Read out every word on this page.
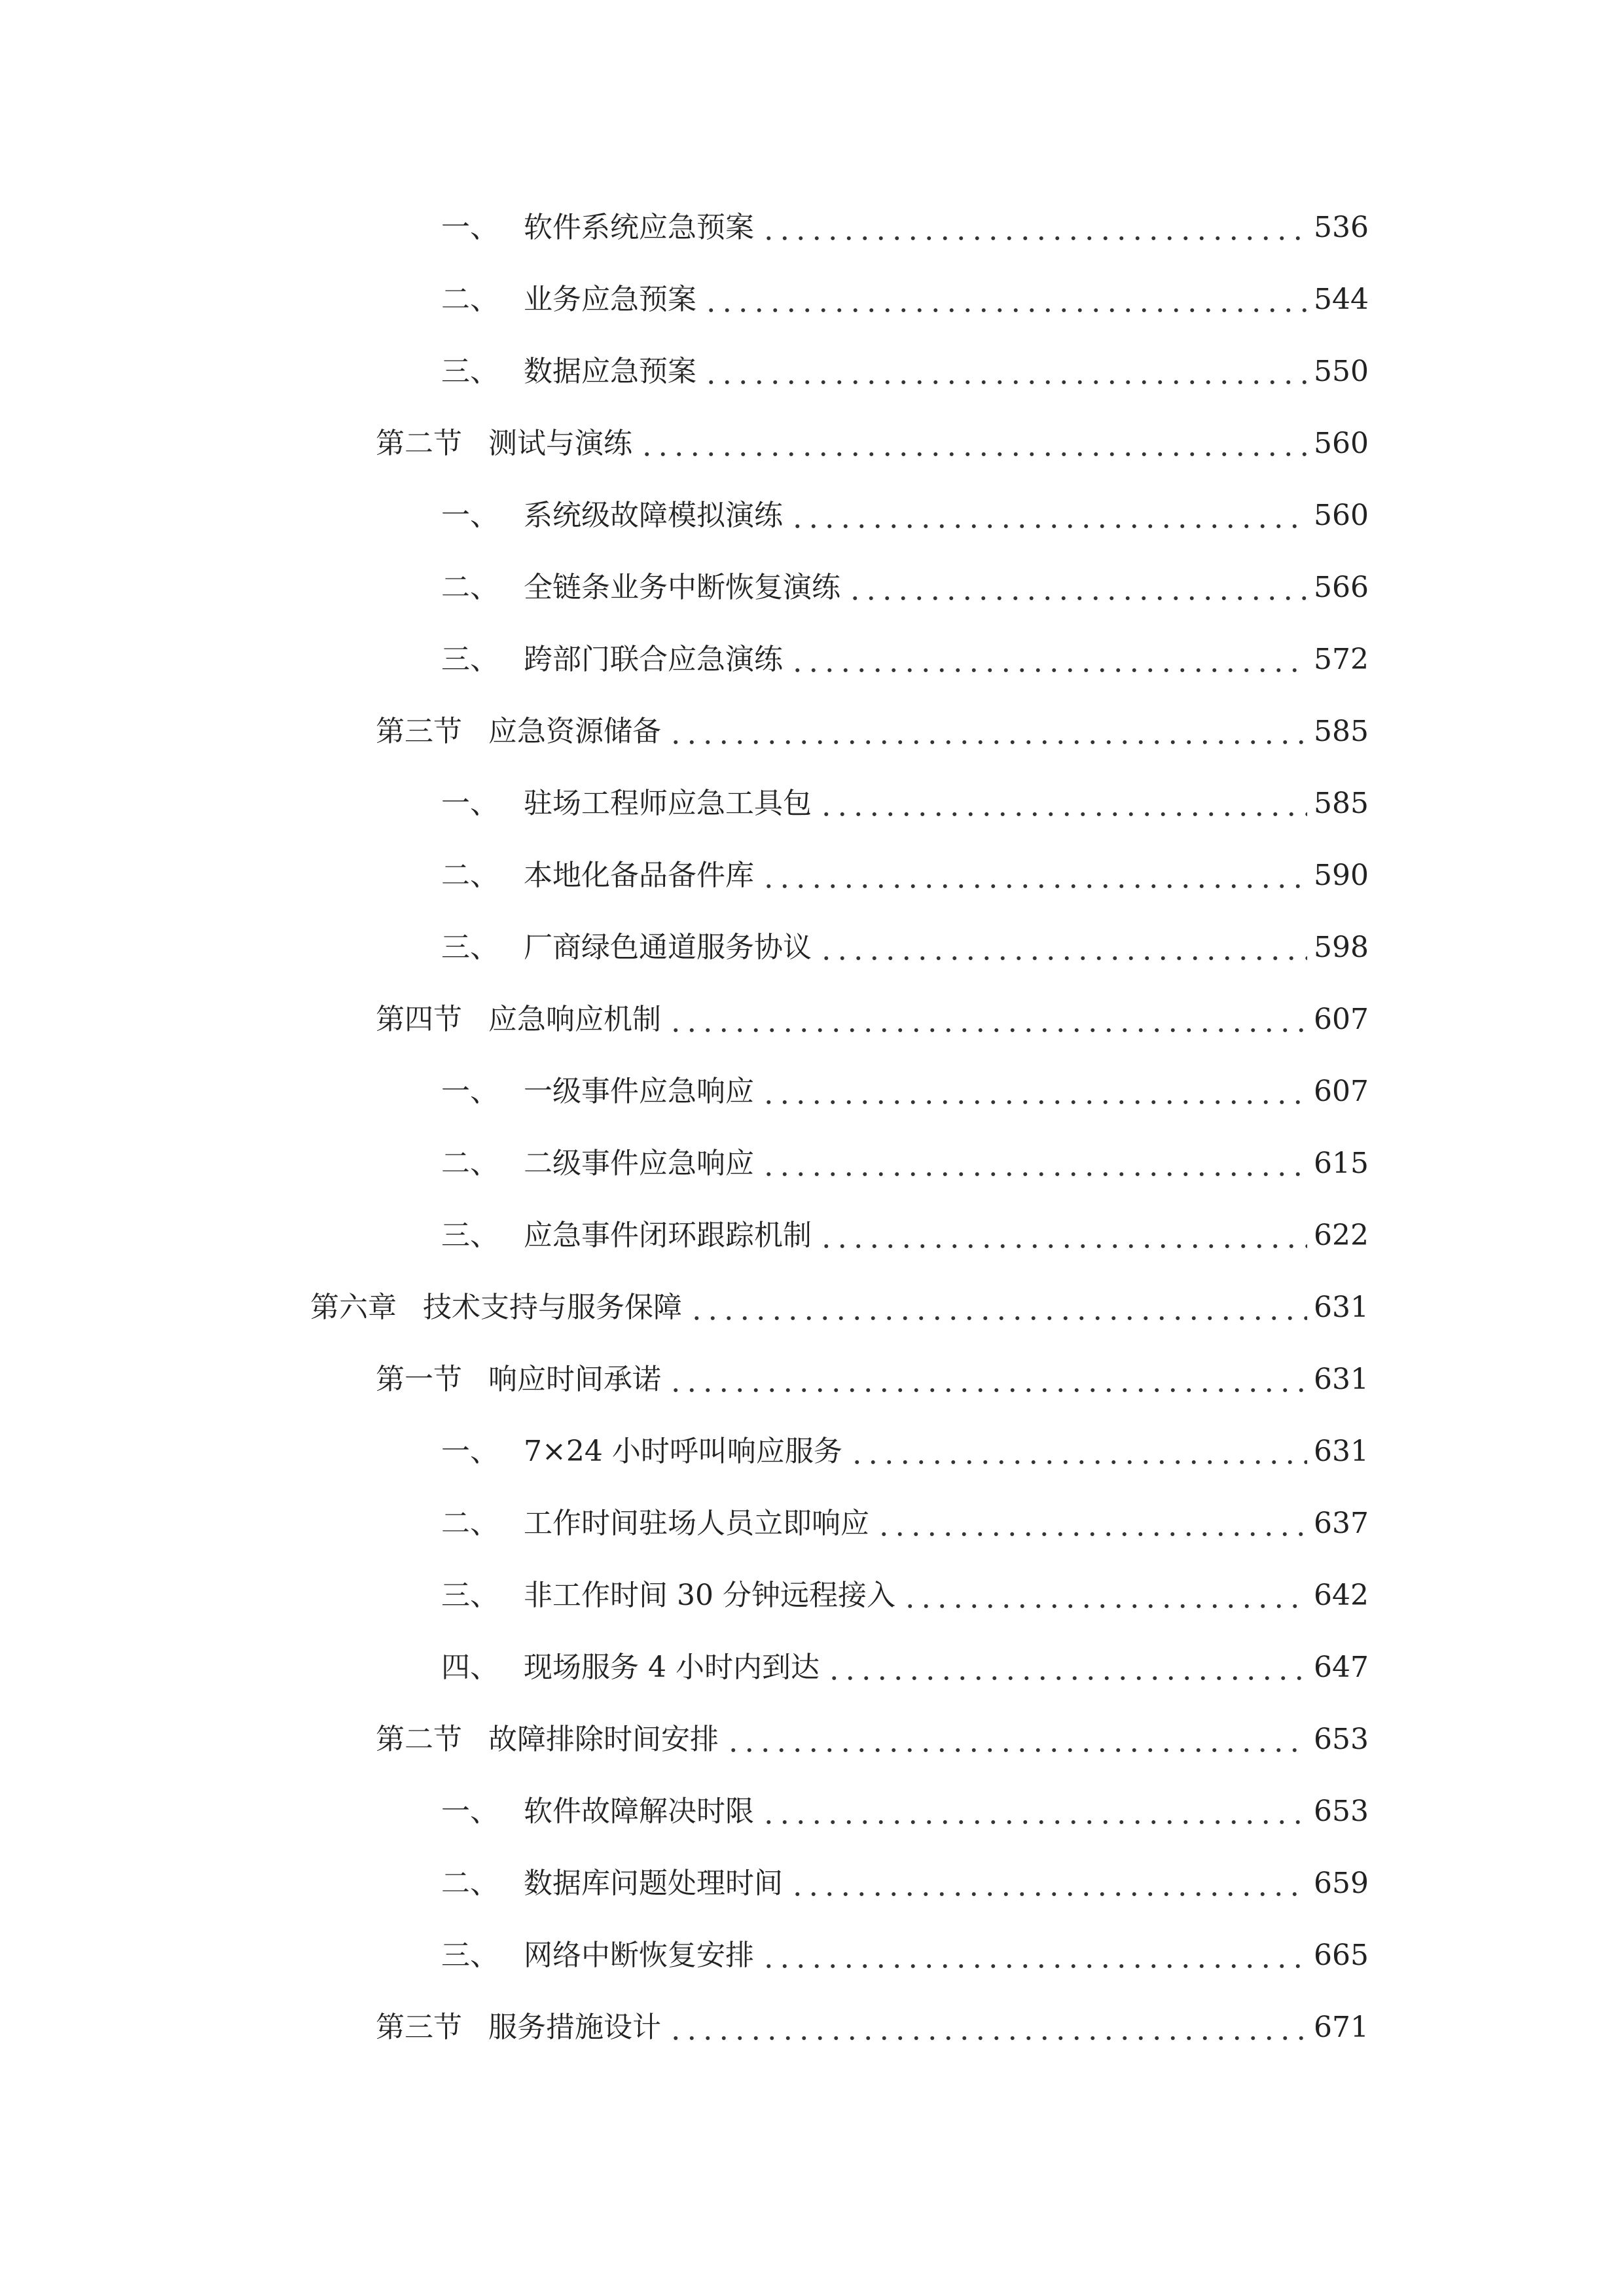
一、 软件系统应急预案	536
二、 业务应急预案	544
三、 数据应急预案	550
第二节 测试与演练	560
一、 系统级故障模拟演练	560
二、 全链条业务中断恢复演练	566
三、 跨部门联合应急演练	572
第三节 应急资源储备	585
一、 驻场工程师应急工具包	585
二、 本地化备品备件库	590
三、 厂商绿色通道服务协议	598
第四节 应急响应机制	607
一、 一级事件应急响应	607
二、 二级事件应急响应	615
三、 应急事件闭环跟踪机制	622
第六章 技术支持与服务保障	631
第一节 响应时间承诺	631
一、 7×24 小时呼叫响应服务	631
二、 工作时间驻场人员立即响应	637
三、 非工作时间 30 分钟远程接入	642
四、 现场服务 4 小时内到达	647
第二节 故障排除时间安排	653
一、 软件故障解决时限	653
二、 数据库问题处理时间	659
三、 网络中断恢复安排	665
第三节 服务措施设计	671
